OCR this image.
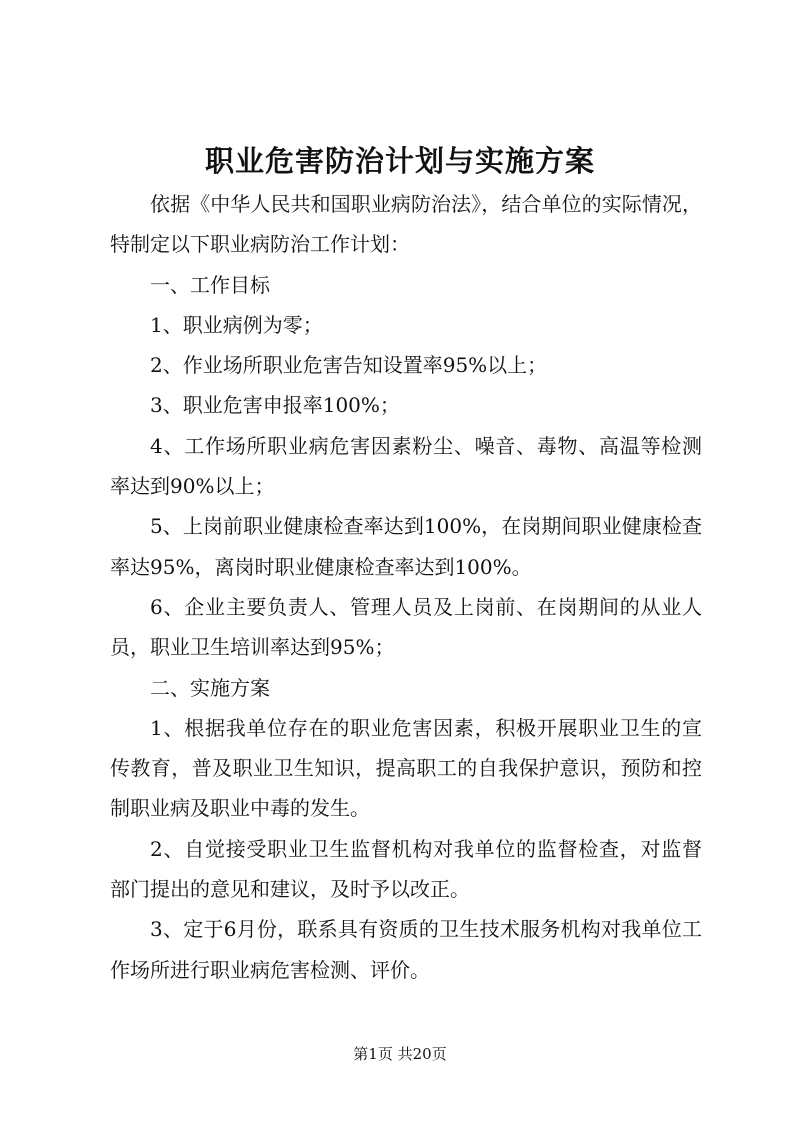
职业危害防治计划与实施方案

依据《中华人民共和国职业病防治法》，结合单位的实际情况，特制定以下职业病防治工作计划：

一、工作目标

1、职业病例为零；

2、作业场所职业危害告知设置率95%以上；

3、职业危害申报率100%；

4、工作场所职业病危害因素粉尘、噪音、毒物、高温等检测率达到90%以上；

5、上岗前职业健康检查率达到100%，在岗期间职业健康检查率达95%，离岗时职业健康检查率达到100%。

6、企业主要负责人、管理人员及上岗前、在岗期间的从业人员，职业卫生培训率达到95%；

二、实施方案

1、根据我单位存在的职业危害因素，积极开展职业卫生的宣传教育，普及职业卫生知识，提高职工的自我保护意识，预防和控制职业病及职业中毒的发生。

2、自觉接受职业卫生监督机构对我单位的监督检查，对监督部门提出的意见和建议，及时予以改正。

3、定于6月份，联系具有资质的卫生技术服务机构对我单位工作场所进行职业病危害检测、评价。

第1页 共20页
